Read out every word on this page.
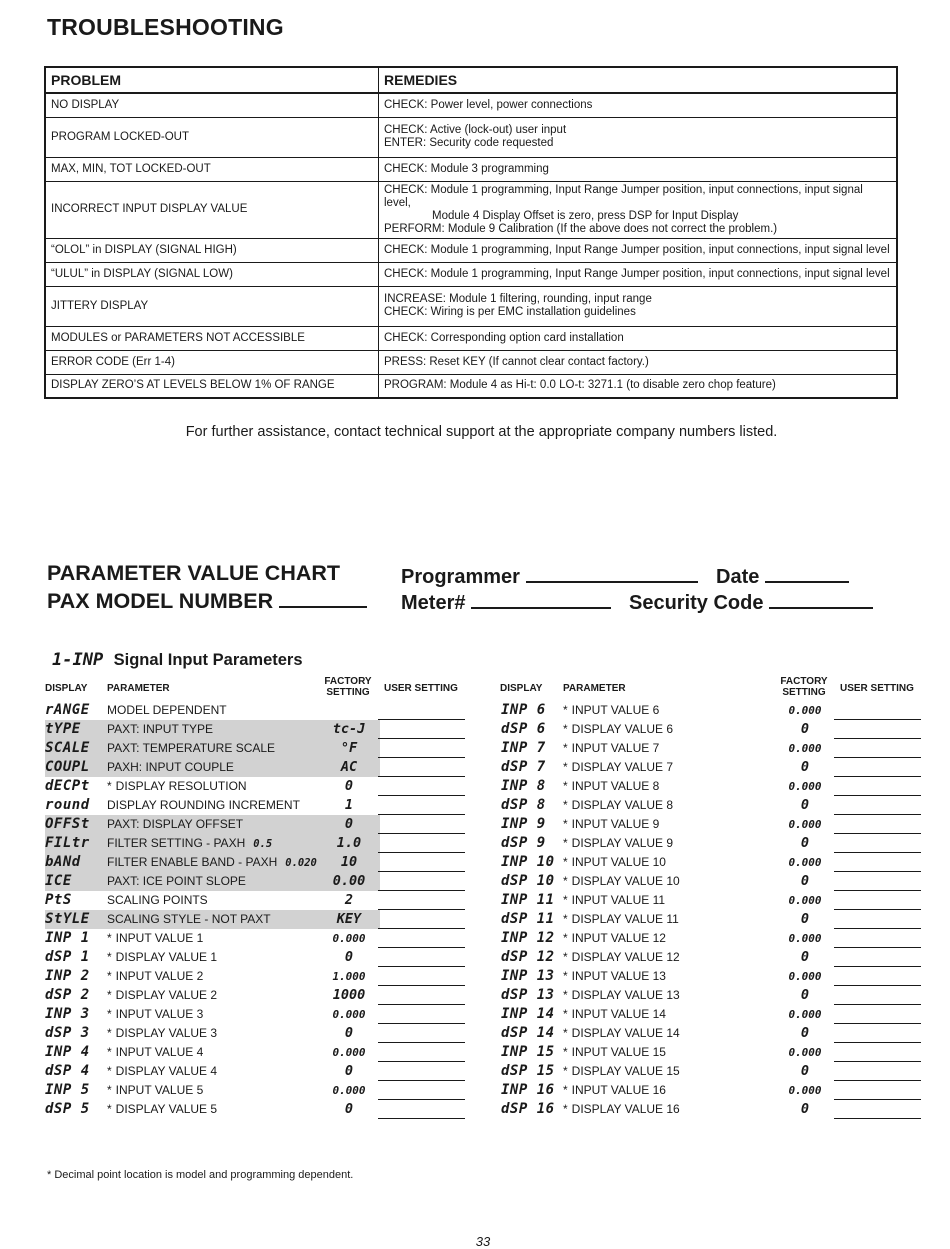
TROUBLESHOOTING
PROBLEM	REMEDIES
NO DISPLAY	CHECK: Power level, power connections

PROGRAM LOCKED-OUT	CHECK: Active (lock-out) user input
ENTER: Security code requested

MAX, MIN, TOT LOCKED-OUT	CHECK: Module 3 programming

INCORRECT INPUT DISPLAY VALUE	CHECK: Module 1 programming, Input Range Jumper position, input connections, input signal level,
Module 4 Display Offset is zero, press DSP for Input Display
PERFORM: Module 9 Calibration (If the above does not correct the problem.)

“OLOL” in DISPLAY (SIGNAL HIGH)	CHECK: Module 1 programming, Input Range Jumper position, input connections, input signal level

“ULUL” in DISPLAY (SIGNAL LOW)	CHECK: Module 1 programming, Input Range Jumper position, input connections, input signal level

JITTERY DISPLAY	INCREASE: Module 1 filtering, rounding, input range
CHECK: Wiring is per EMC installation guidelines

MODULES or PARAMETERS NOT ACCESSIBLE	CHECK: Corresponding option card installation

ERROR CODE (Err 1-4)	PRESS: Reset KEY (If cannot clear contact factory.)

DISPLAY ZERO’S AT LEVELS BELOW 1% OF RANGE	PROGRAM: Module 4 as Hi-t: 0.0 LO-t: 3271.1 (to disable zero chop feature)
For further assistance, contact technical support at the appropriate company numbers listed.
PARAMETER VALUE CHART	Programmer	Date
PAX MODEL NUMBER	Meter#	Security Code
1-INP Signal Input Parameters
DISPLAY PARAMETER
FACTORY
SETTING	USER SETTING	DISPLAY PARAMETER
FACTORY
SETTING	USER SETTING
rANGE MODEL DEPENDENT
tYPE PAXT: INPUT TYPE	tc-J
SCALE PAXT: TEMPERATURE SCALE	°F
COUPL PAXH: INPUT COUPLE	AC
dECPt * DISPLAY RESOLUTION	0
round DISPLAY ROUNDING INCREMENT	1
OFFSt PAXT: DISPLAY OFFSET	0
FILtr FILTER SETTING - PAXH 0.5	1.0
bANd FILTER ENABLE BAND - PAXH 0.020	10
ICE	PAXT: ICE POINT SLOPE	0.00
PtS	SCALING POINTS	2
StYLE SCALING STYLE - NOT PAXT	KEY
INP 1 * INPUT VALUE 1	0.000
dSP 1 * DISPLAY VALUE 1	0
INP 2 * INPUT VALUE 2	1.000
dSP 2 * DISPLAY VALUE 2	1000
INP 3 * INPUT VALUE 3	0.000
dSP 3 * DISPLAY VALUE 3	0
INP 4 * INPUT VALUE 4	0.000
dSP 4 * DISPLAY VALUE 4	0
INP 5 * INPUT VALUE 5	0.000
dSP 5 * DISPLAY VALUE 5	0
INP 6 * INPUT VALUE 6	0.000
dSP 6 * DISPLAY VALUE 6	0
INP 7 * INPUT VALUE 7	0.000
dSP 7 * DISPLAY VALUE 7	0
INP 8 * INPUT VALUE 8	0.000
dSP 8 * DISPLAY VALUE 8	0
INP 9 * INPUT VALUE 9	0.000
dSP 9 * DISPLAY VALUE 9	0
INP 10 * INPUT VALUE 10	0.000
dSP 10 * DISPLAY VALUE 10	0
INP 11 * INPUT VALUE 11	0.000
dSP 11 * DISPLAY VALUE 11	0
INP 12 * INPUT VALUE 12	0.000
dSP 12 * DISPLAY VALUE 12	0
INP 13 * INPUT VALUE 13	0.000
dSP 13 * DISPLAY VALUE 13	0
INP 14 * INPUT VALUE 14	0.000
dSP 14 * DISPLAY VALUE 14	0
INP 15 * INPUT VALUE 15	0.000
dSP 15 * DISPLAY VALUE 15	0
INP 16 * INPUT VALUE 16	0.000
dSP 16 * DISPLAY VALUE 16	0
* Decimal point location is model and programming dependent.
33
